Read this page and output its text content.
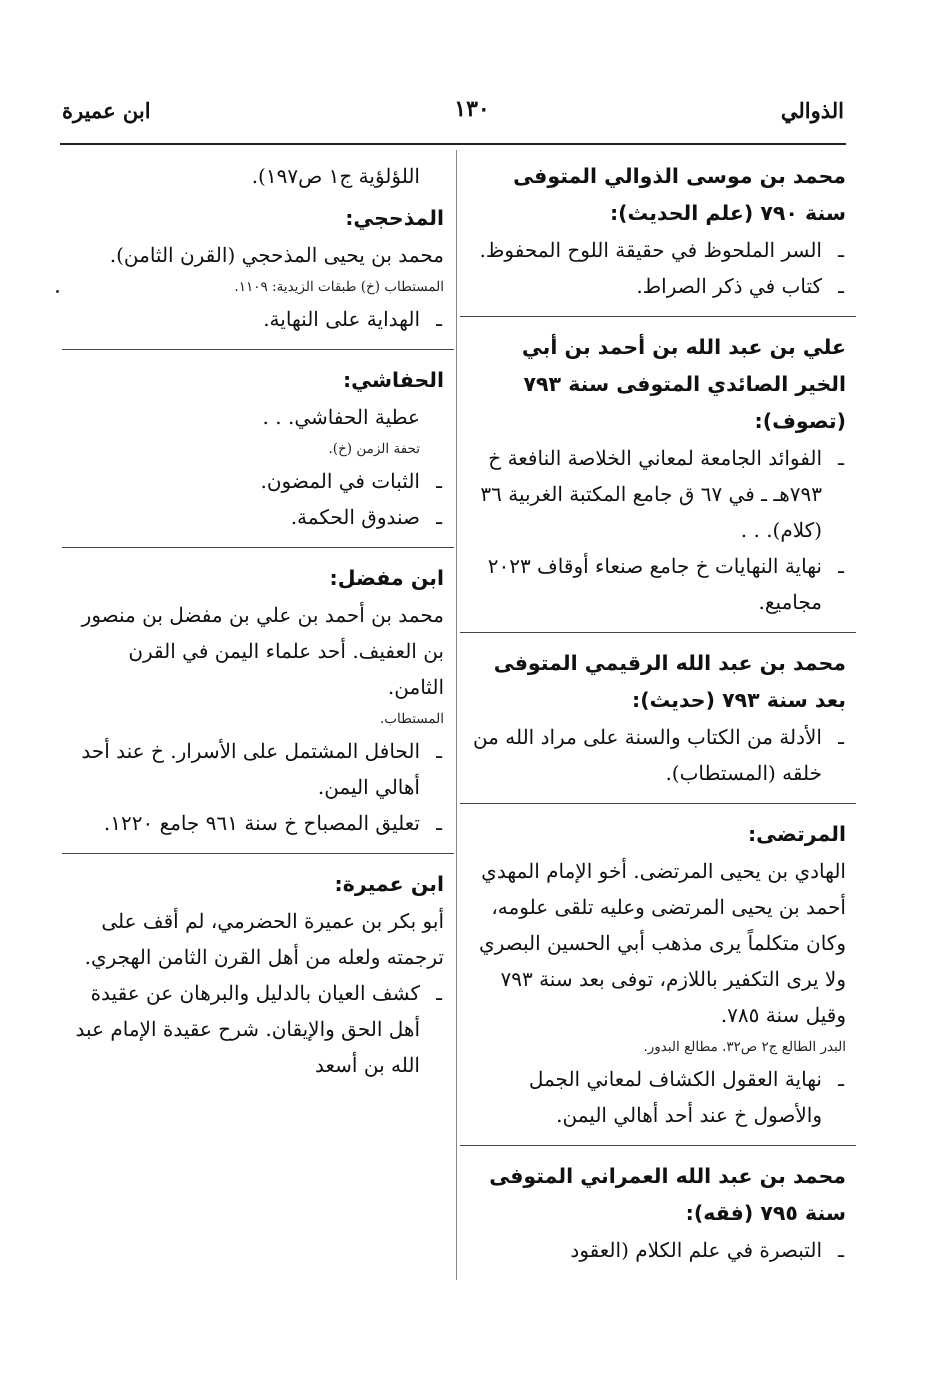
الذوالي
١٣٠
ابن عميرة
محمد بن موسى الذوالي المتوفى سنة ٧٩٠ (علم الحديث):
ـ السر الملحوظ في حقيقة اللوح المحفوظ.
ـ كتاب في ذكر الصراط.
علي بن عبد الله بن أحمد بن أبي الخير الصائدي المتوفى سنة ٧٩٣ (تصوف):
ـ الفوائد الجامعة لمعاني الخلاصة النافعة خ ٧٩٣هـ ـ في ٦٧ ق جامع المكتبة الغربية ٣٦ (كلام). . .
ـ نهاية النهايات خ جامع صنعاء أوقاف ٢٠٢٣ مجاميع.
محمد بن عبد الله الرقيمي المتوفى بعد سنة ٧٩٣ (حديث):
ـ الأدلة من الكتاب والسنة على مراد الله من خلقه (المستطاب).
المرتضى:
الهادي بن يحيى المرتضى. أخو الإمام المهدي أحمد بن يحيى المرتضى وعليه تلقى علومه، وكان متكلماً يرى مذهب أبي الحسين البصري ولا يرى التكفير باللازم، توفى بعد سنة ٧٩٣ وقيل سنة ٧٨٥.
البدر الطالع ج٢ ص٣٢. مطالع البدور.
ـ نهاية العقول الكشاف لمعاني الجمل والأصول خ عند أحد أهالي اليمن.
محمد بن عبد الله العمراني المتوفى سنة ٧٩٥ (فقه):
ـ التبصرة في علم الكلام (العقود
اللؤلؤية ج١ ص١٩٧).
المذحجي:
محمد بن يحيى المذحجي (القرن الثامن).
المستطاب (خ) طبقات الزيدية: ١١٠٩.
ـ الهداية على النهاية.
الحفاشي:
عطية الحفاشي. . .
تحفة الزمن (خ).
ـ الثبات في المضون.
ـ صندوق الحكمة.
ابن مفضل:
محمد بن أحمد بن علي بن مفضل بن منصور بن العفيف. أحد علماء اليمن في القرن الثامن.
المستطاب.
ـ الحافل المشتمل على الأسرار. خ عند أحد أهالي اليمن.
ـ تعليق المصباح خ سنة ٩٦١ جامع ١٢٢٠.
ابن عميرة:
أبو بكر بن عميرة الحضرمي، لم أقف على ترجمته ولعله من أهل القرن الثامن الهجري.
ـ كشف العيان بالدليل والبرهان عن عقيدة أهل الحق والإيقان. شرح عقيدة الإمام عبد الله بن أسعد
